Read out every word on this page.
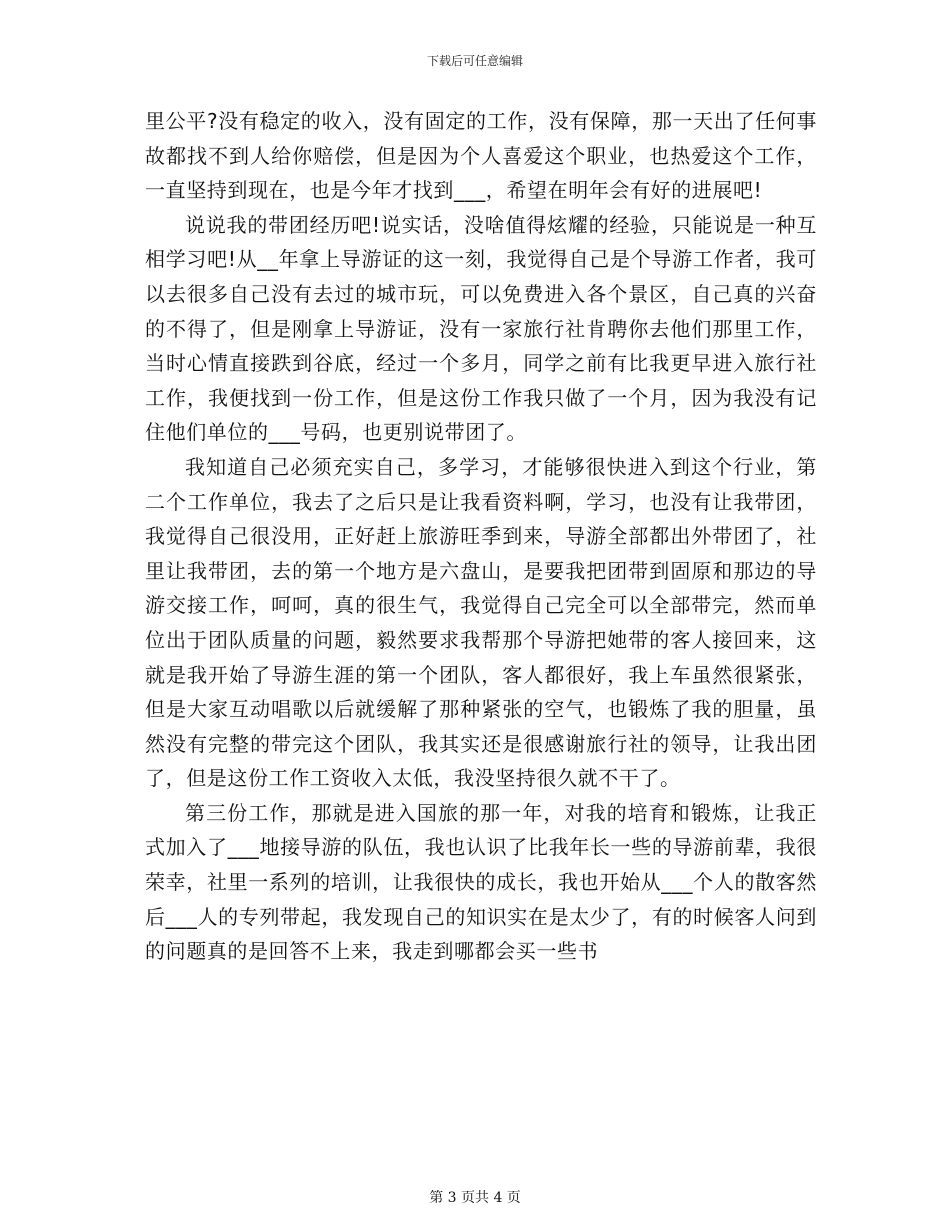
下载后可任意编辑

里公平?没有稳定的收入，没有固定的工作，没有保障，那一天出了任何事故都找不到人给你赔偿，但是因为个人喜爱这个职业，也热爱这个工作，一直坚持到现在，也是今年才找到___，希望在明年会有好的进展吧!

说说我的带团经历吧!说实话，没啥值得炫耀的经验，只能说是一种互相学习吧!从__年拿上导游证的这一刻，我觉得自己是个导游工作者，我可以去很多自己没有去过的城市玩，可以免费进入各个景区，自己真的兴奋的不得了，但是刚拿上导游证，没有一家旅行社肯聘你去他们那里工作，当时心情直接跌到谷底，经过一个多月，同学之前有比我更早进入旅行社工作，我便找到一份工作，但是这份工作我只做了一个月，因为我没有记住他们单位的___号码，也更别说带团了。

我知道自己必须充实自己，多学习，才能够很快进入到这个行业，第二个工作单位，我去了之后只是让我看资料啊，学习，也没有让我带团，我觉得自己很没用，正好赶上旅游旺季到来，导游全部都出外带团了，社里让我带团，去的第一个地方是六盘山，是要我把团带到固原和那边的导游交接工作，呵呵，真的很生气，我觉得自己完全可以全部带完，然而单位出于团队质量的问题，毅然要求我帮那个导游把她带的客人接回来，这就是我开始了导游生涯的第一个团队，客人都很好，我上车虽然很紧张，但是大家互动唱歌以后就缓解了那种紧张的空气，也锻炼了我的胆量，虽然没有完整的带完这个团队，我其实还是很感谢旅行社的领导，让我出团了，但是这份工作工资收入太低，我没坚持很久就不干了。

第三份工作，那就是进入国旅的那一年，对我的培育和锻炼，让我正式加入了___地接导游的队伍，我也认识了比我年长一些的导游前辈，我很荣幸，社里一系列的培训，让我很快的成长，我也开始从___个人的散客然后___人的专列带起，我发现自己的知识实在是太少了，有的时候客人问到的问题真的是回答不上来，我走到哪都会买一些书

第 3 页共 4 页
